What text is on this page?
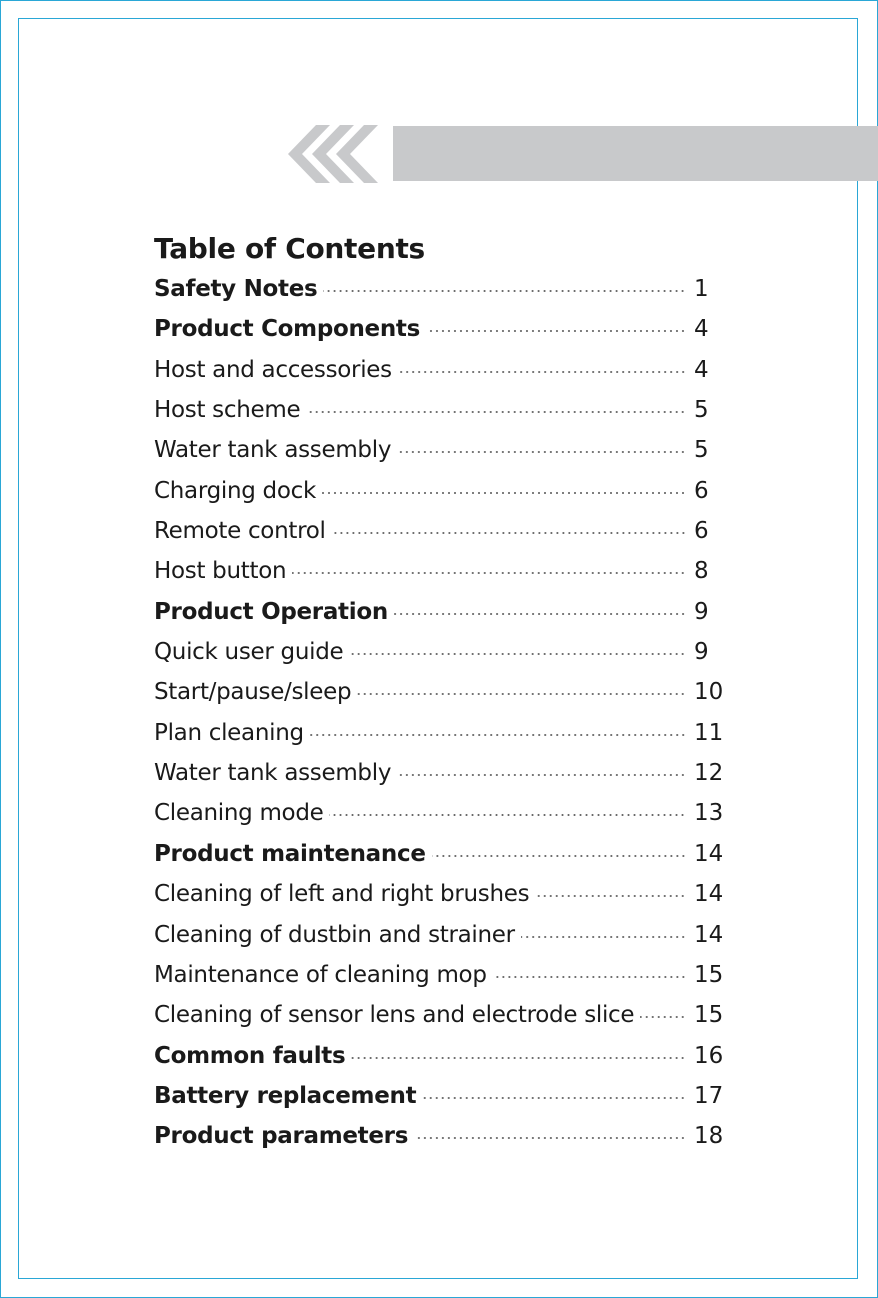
Table of Contents
Safety Notes	1
Product Components	4
Host and accessories	4
Host scheme	5
Water tank assembly	5
Charging dock	6
Remote control	6
Host button	8
Product Operation	9
Quick user guide	9
Start/pause/sleep	10
Plan cleaning	11
Water tank assembly	12
Cleaning mode	13
Product maintenance	14
Cleaning of left and right brushes	14
Cleaning of dustbin and strainer	14
Maintenance of cleaning mop	15
Cleaning of sensor lens and electrode slice	15
Common faults	16
Battery replacement	17
Product parameters	18
